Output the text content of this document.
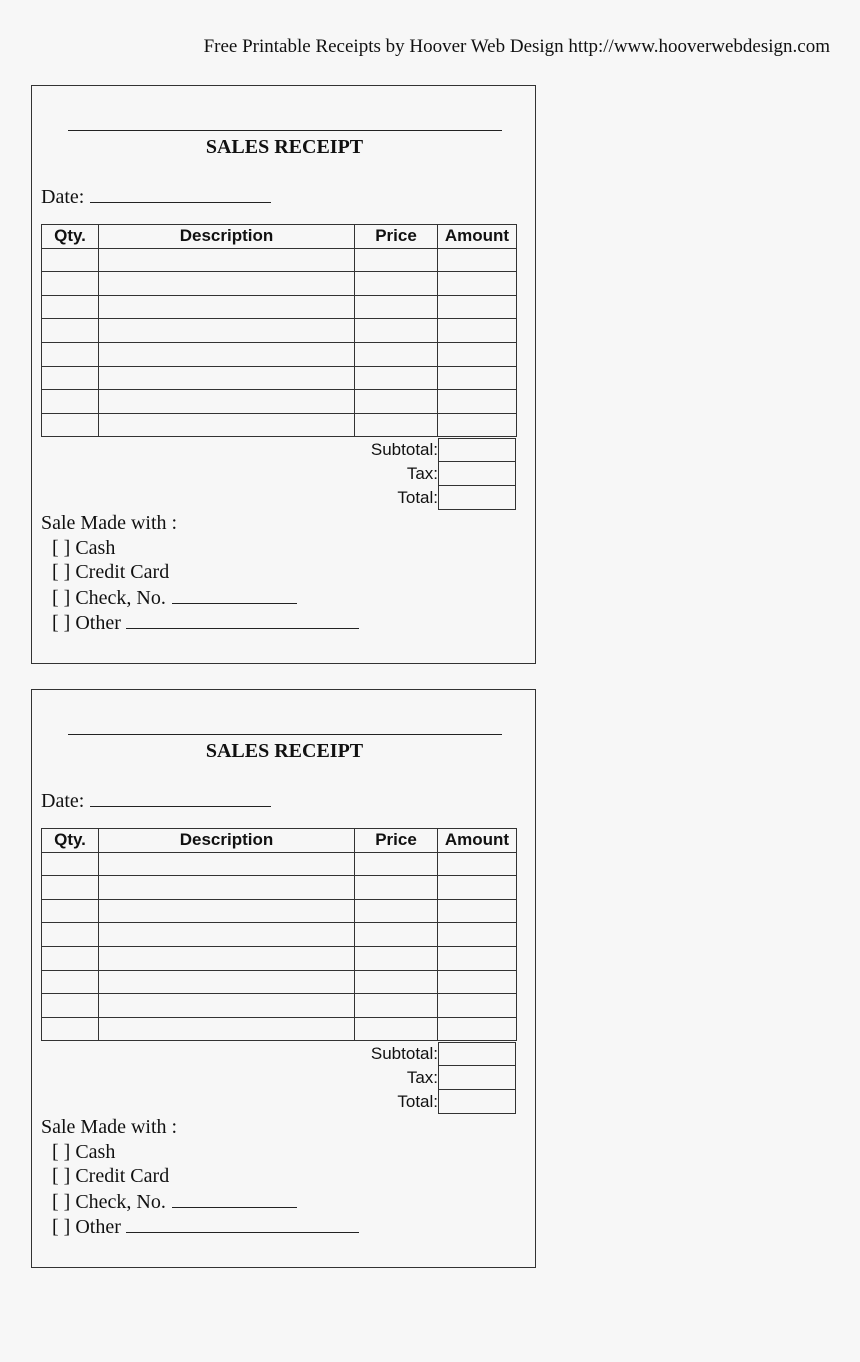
Free Printable Receipts by Hoover Web Design http://www.hooverwebdesign.com
SALES RECEIPT
Date:
Qty.	Description	Price	Amount

Subtotal:
Tax:
Total:
Sale Made with :
[ ] Cash
[ ] Credit Card
[ ] Check, No.
[ ] Other
SALES RECEIPT
Date:
Qty.	Description	Price	Amount

Subtotal:
Tax:
Total:
Sale Made with :
[ ] Cash
[ ] Credit Card
[ ] Check, No.
[ ] Other
